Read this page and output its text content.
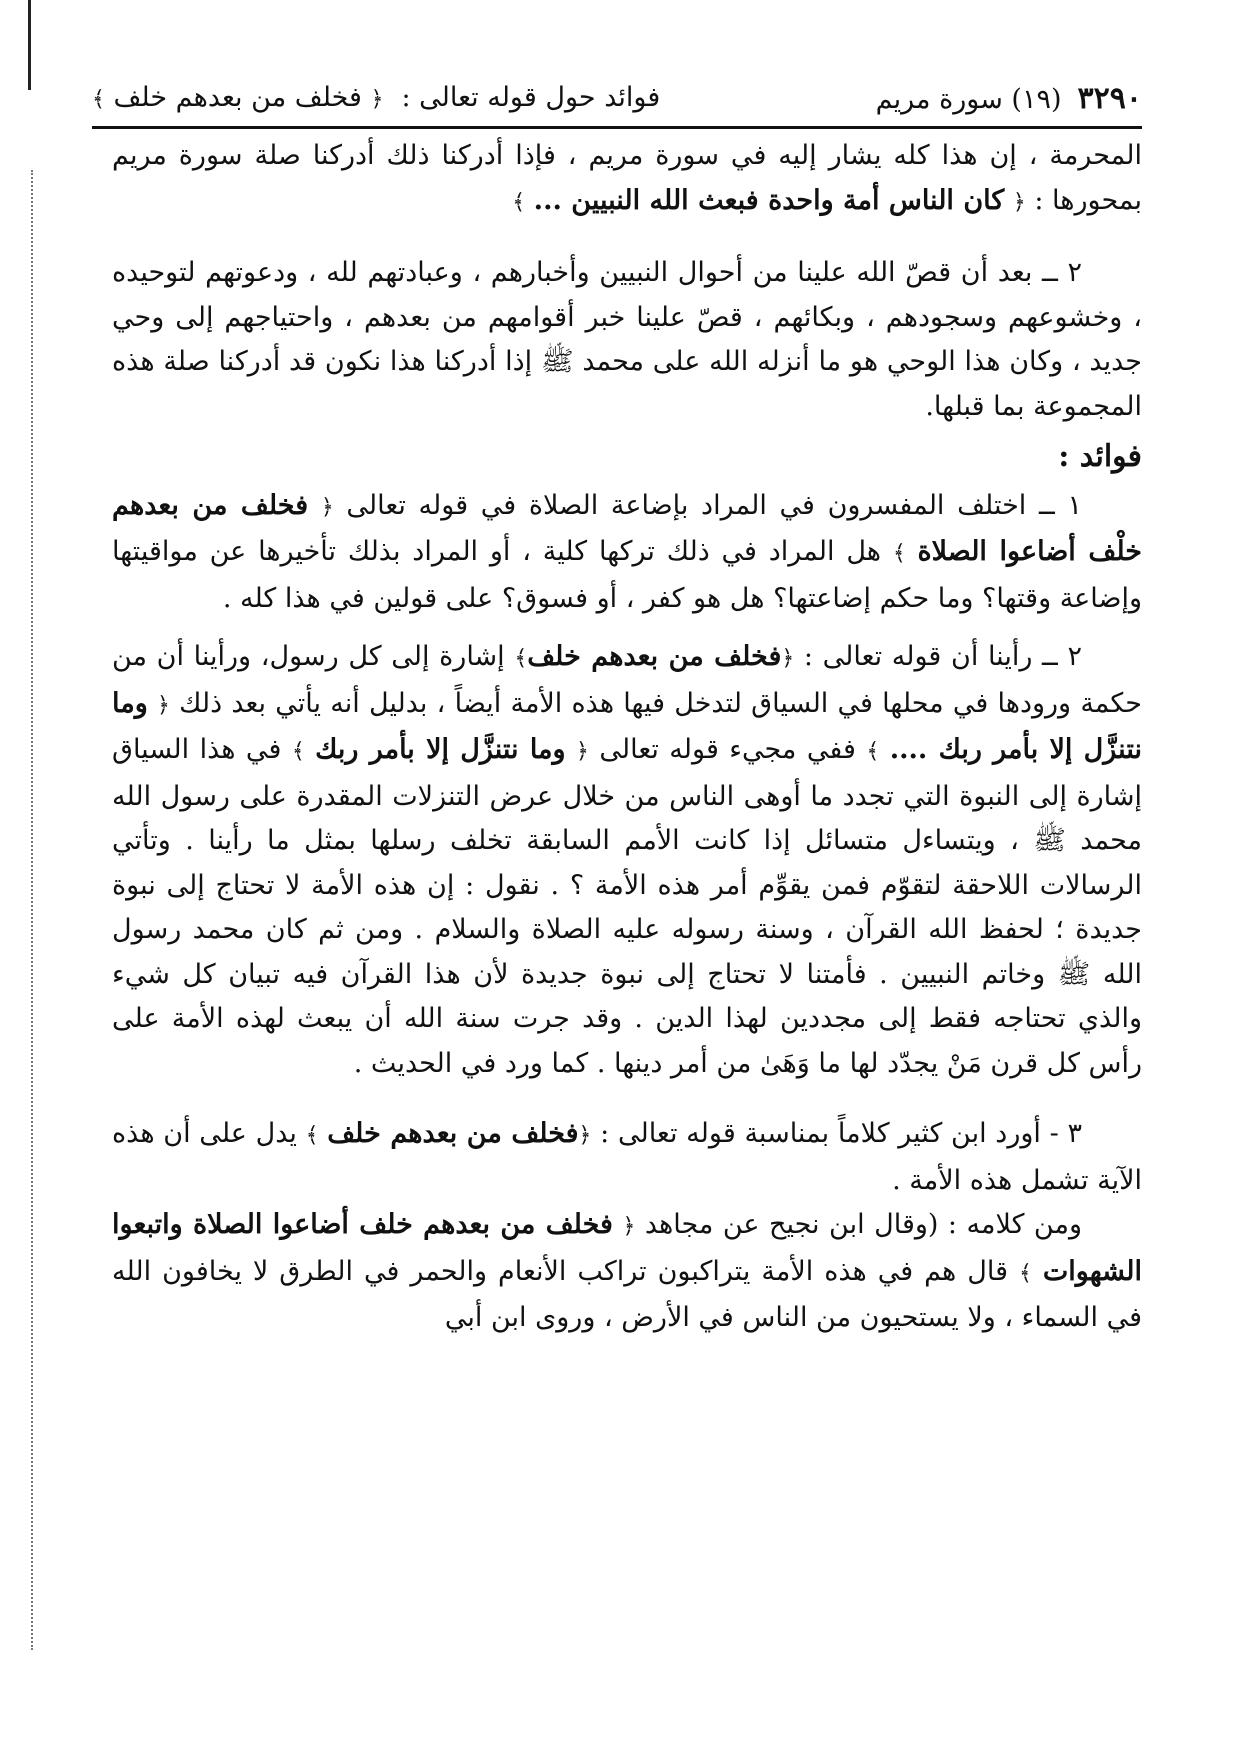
٣٢٩٠
(١٩) سورة مريم
فوائد حول قوله تعالى :
﴿ فخلف من بعدهم خلف ﴾

المحرمة ، إن هذا كله يشار إليه في سورة مريم ، فإذا أدركنا ذلك أدركنا صلة سورة مريم بمحورها : ﴿ كان الناس أمة واحدة فبعث الله النبيين ... ﴾

٢ ــ بعد أن قصّ الله علينا من أحوال النبيين وأخبارهم ، وعبادتهم لله ، ودعوتهم لتوحيده ، وخشوعهم وسجودهم ، وبكائهم ، قصّ علينا خبر أقوامهم من بعدهم ، واحتياجهم إلى وحي جديد ، وكان هذا الوحي هو ما أنزله الله على محمد ﷺ إذا أدركنا هذا نكون قد أدركنا صلة هذه المجموعة بما قبلها.

فوائد :

١ ــ اختلف المفسرون في المراد بإضاعة الصلاة في قوله تعالى ﴿ فخلف من بعدهم خلْف أضاعوا الصلاة ﴾ هل المراد في ذلك تركها كلية ، أو المراد بذلك تأخيرها عن مواقيتها وإضاعة وقتها؟ وما حكم إضاعتها؟ هل هو كفر ، أو فسوق؟ على قولين في هذا كله .

٢ ــ رأينا أن قوله تعالى : ﴿فخلف من بعدهم خلف﴾ إشارة إلى كل رسول، ورأينا أن من حكمة ورودها في محلها في السياق لتدخل فيها هذه الأمة أيضاً ، بدليل أنه يأتي بعد ذلك ﴿ وما نتنزَّل إلا بأمر ربك .... ﴾ ففي مجيء قوله تعالى ﴿ وما نتنزَّل إلا بأمر ربك ﴾ في هذا السياق إشارة إلى النبوة التي تجدد ما أوهى الناس من خلال عرض التنزلات المقدرة على رسول الله محمد ﷺ ، ويتساءل متسائل إذا كانت الأمم السابقة تخلف رسلها بمثل ما رأينا . وتأتي الرسالات اللاحقة لتقوّم فمن يقوِّم أمر هذه الأمة ؟ . نقول : إن هذه الأمة لا تحتاج إلى نبوة جديدة ؛ لحفظ الله القرآن ، وسنة رسوله عليه الصلاة والسلام . ومن ثم كان محمد رسول الله ﷺ وخاتم النبيين . فأمتنا لا تحتاج إلى نبوة جديدة لأن هذا القرآن فيه تبيان كل شيء والذي تحتاجه فقط إلى مجددين لهذا الدين . وقد جرت سنة الله أن يبعث لهذه الأمة على رأس كل قرن مَنْ يجدّد لها ما وَهَىٰ من أمر دينها . كما ورد في الحديث .

٣ - أورد ابن كثير كلاماً بمناسبة قوله تعالى : ﴿فخلف من بعدهم خلف ﴾ يدل على أن هذه الآية تشمل هذه الأمة .

ومن كلامه : (وقال ابن نجيح عن مجاهد ﴿ فخلف من بعدهم خلف أضاعوا الصلاة واتبعوا الشهوات ﴾ قال هم في هذه الأمة يتراكبون تراكب الأنعام والحمر في الطرق لا يخافون الله في السماء ، ولا يستحيون من الناس في الأرض ، وروى ابن أبي
